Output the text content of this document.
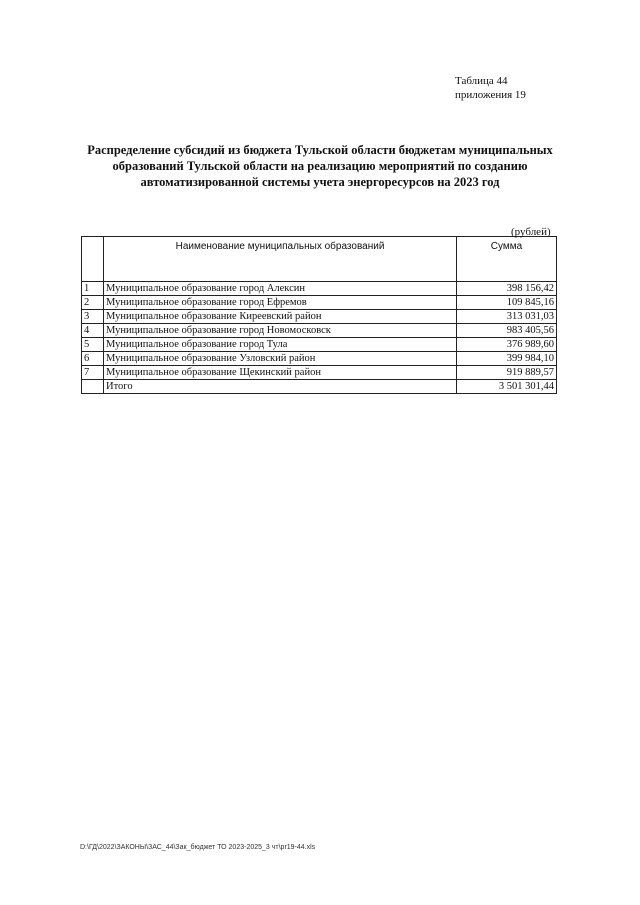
Таблица 44
приложения 19
Распределение субсидий из бюджета Тульской области бюджетам муниципальных
образований Тульской области на реализацию мероприятий по созданию
автоматизированной системы учета энергоресурсов на 2023 год
(рублей)
	Наименование муниципальных образований	Сумма
1	Муниципальное образование город Алексин	398 156,42
2	Муниципальное образование город Ефремов	109 845,16
3	Муниципальное образование Киреевский район	313 031,03
4	Муниципальное образование город Новомосковск	983 405,56
5	Муниципальное образование город Тула	376 989,60
6	Муниципальное образование Узловский район	399 984,10
7	Муниципальное образование Щекинский район	919 889,57
	Итого	3 501 301,44
D:\ГД\2022\ЗАКОНЫ\ЗАС_44\Зак_бюджет ТО 2023-2025_3 чт\pr19-44.xls
